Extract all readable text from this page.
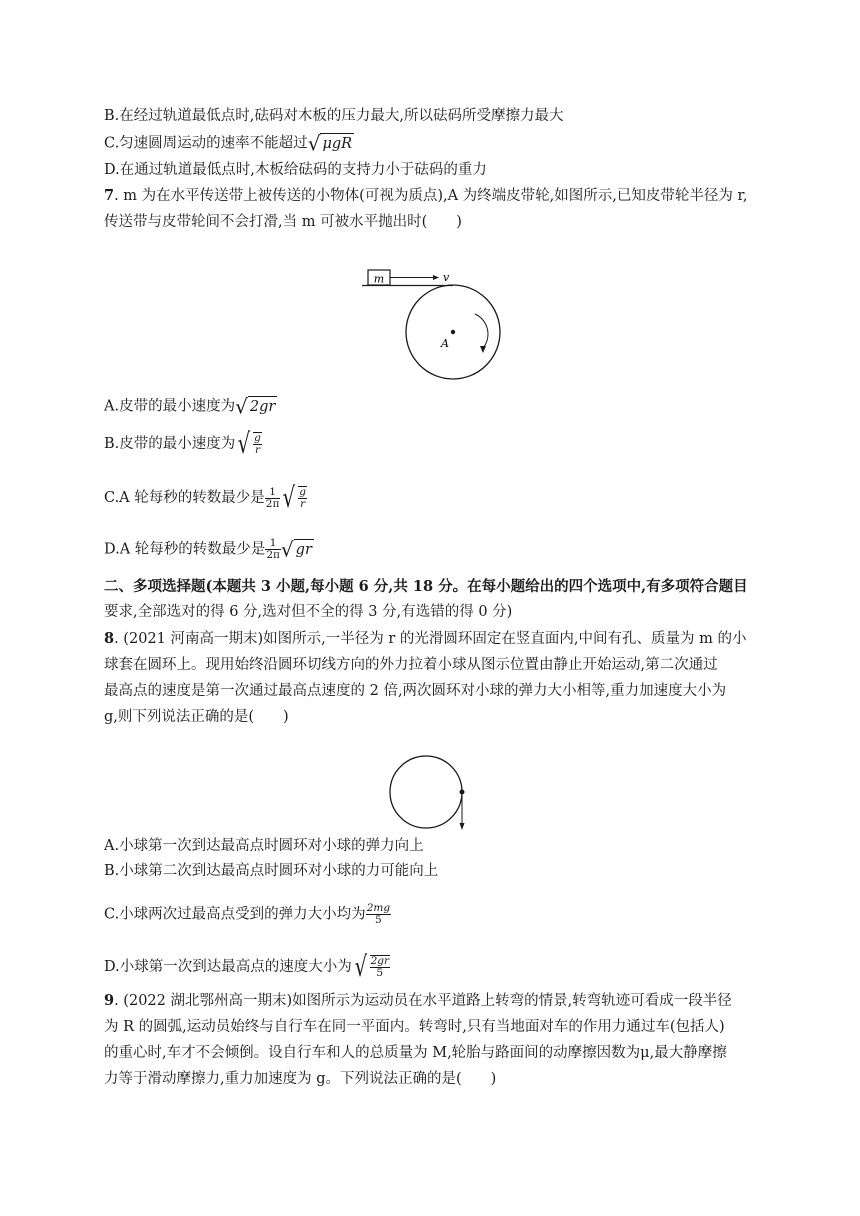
B.在经过轨道最低点时,砝码对木板的压力最大,所以砝码所受摩擦力最大
C.匀速圆周运动的速率不能超过√ μgR
D.在通过轨道最低点时,木板给砝码的支持力小于砝码的重力
7. m 为在水平传送带上被传送的小物体(可视为质点),A 为终端皮带轮,如图所示,已知皮带轮半径为 r,
传送带与皮带轮间不会打滑,当 m 可被水平抛出时(　　)
m	v
A
A.皮带的最小速度为√ 2gr
B.皮带的最小速度为√ $\frac{g}{r}$
C.A 轮每秒的转数最少是 $\frac{1}{2\pi}$ √ $\frac{g}{r}$
D.A 轮每秒的转数最少是 $\frac{1}{2\pi}$ √ gr
二、多项选择题(本题共 3 小题,每小题 6 分,共 18 分。在每小题给出的四个选项中,有多项符合题目
要求,全部选对的得 6 分,选对但不全的得 3 分,有选错的得 0 分)
8. (2021 河南高一期末)如图所示,一半径为 r 的光滑圆环固定在竖直面内,中间有孔、质量为 m 的小
球套在圆环上。现用始终沿圆环切线方向的外力拉着小球从图示位置由静止开始运动,第二次通过
最高点的速度是第一次通过最高点速度的 2 倍,两次圆环对小球的弹力大小相等,重力加速度大小为
g,则下列说法正确的是(　　)
A.小球第一次到达最高点时圆环对小球的弹力向上
B.小球第二次到达最高点时圆环对小球的力可能向上
C.小球两次过最高点受到的弹力大小均为 $\frac{2mg}{5}$
D.小球第一次到达最高点的速度大小为√ $\frac{2gr}{5}$
9. (2022 湖北鄂州高一期末)如图所示为运动员在水平道路上转弯的情景,转弯轨迹可看成一段半径
为 R 的圆弧,运动员始终与自行车在同一平面内。转弯时,只有当地面对车的作用力通过车(包括人)
的重心时,车才不会倾倒。设自行车和人的总质量为 M,轮胎与路面间的动摩擦因数为μ,最大静摩擦
力等于滑动摩擦力,重力加速度为 g。下列说法正确的是(　　)
